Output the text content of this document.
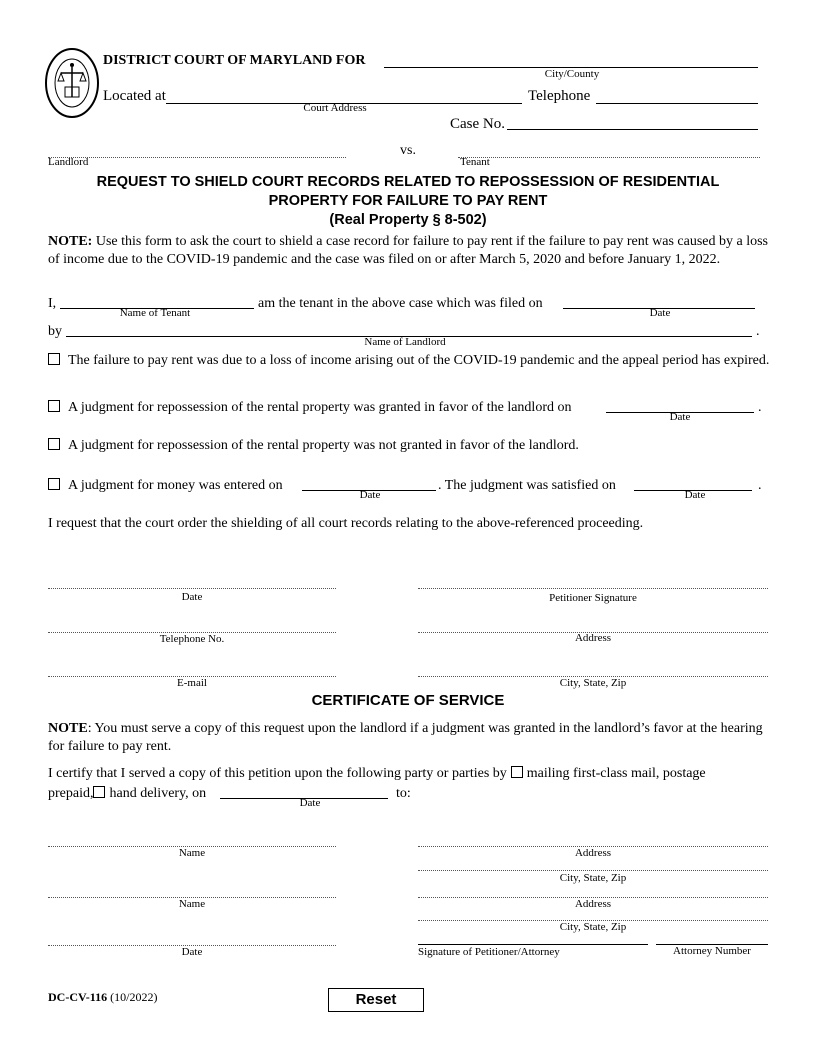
DISTRICT COURT OF MARYLAND FOR
City/County
Located at
Court Address
Telephone
Case No.
vs.
Landlord	Tenant
REQUEST TO SHIELD COURT RECORDS RELATED TO REPOSSESSION OF RESIDENTIAL
PROPERTY FOR FAILURE TO PAY RENT
(Real Property § 8-502)
NOTE: Use this form to ask the court to shield a case record for failure to pay rent if the failure to pay rent was caused by a loss of income due to the COVID-19 pandemic and the case was filed on or after March 5, 2020 and before January 1, 2022.
I,
Name of Tenant
am the tenant in the above case which was filed on
Date
by	.
Name of Landlord
The failure to pay rent was due to a loss of income arising out of the COVID-19 pandemic and the appeal period has expired.
A judgment for repossession of the rental property was granted in favor of the landlord on	.
Date
A judgment for repossession of the rental property was not granted in favor of the landlord.
A judgment for money was entered on
Date
. The judgment was satisfied on	.
Date
I request that the court order the shielding of all court records relating to the above-referenced proceeding.
Date	Petitioner Signature
Telephone No.	Address
E-mail	City, State, Zip
CERTIFICATE OF SERVICE
NOTE: You must serve a copy of this request upon the landlord if a judgment was granted in the landlord’s favor at the hearing for failure to pay rent.
I certify that I served a copy of this petition upon the following party or parties by mailing first-class mail, postage
prepaid, hand delivery, on	to:
Date
Name	Address
City, State, Zip
Name	Address
City, State, Zip
Date	Signature of Petitioner/Attorney	Attorney Number
DC-CV-116 (10/2022)	Reset
